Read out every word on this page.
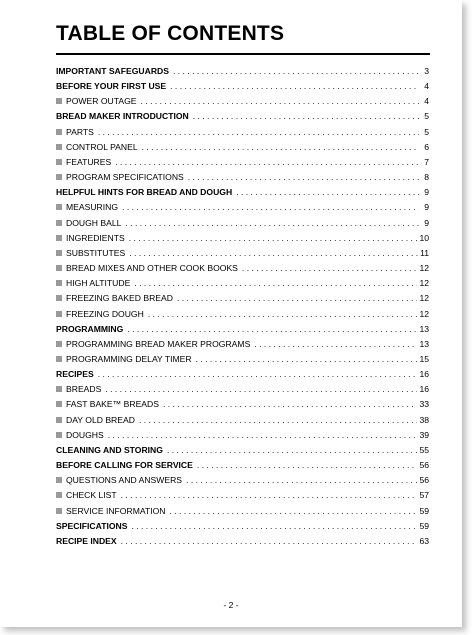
TABLE OF CONTENTS
IMPORTANT SAFEGUARDS . . .	3
BEFORE YOUR FIRST USE . . .	4
POWER OUTAGE . . .	4
BREAD MAKER INTRODUCTION . . .	5
PARTS . . .	5
CONTROL PANEL . . .	6
FEATURES . . .	7
PROGRAM SPECIFICATIONS . . .	8
HELPFUL HINTS FOR BREAD AND DOUGH . . .	9
MEASURING . . .	9
DOUGH BALL . . .	9
INGREDIENTS . . .	10
SUBSTITUTES . . .	11
BREAD MIXES AND OTHER COOK BOOKS . . .	12
HIGH ALTITUDE . . .	12
FREEZING BAKED BREAD . . .	12
FREEZING DOUGH . . .	12
PROGRAMMING . . .	13
PROGRAMMING BREAD MAKER PROGRAMS . . .	13
PROGRAMMING DELAY TIMER . . .	15
RECIPES . . .	16
BREADS . . .	16
FAST BAKE™ BREADS . . .	33
DAY OLD BREAD . . .	38
DOUGHS . . .	39
CLEANING AND STORING . . .	55
BEFORE CALLING FOR SERVICE . . .	56
QUESTIONS AND ANSWERS . . .	56
CHECK LIST . . .	57
SERVICE INFORMATION . . .	59
SPECIFICATIONS . . .	59
RECIPE INDEX . . .	63
- 2 -
